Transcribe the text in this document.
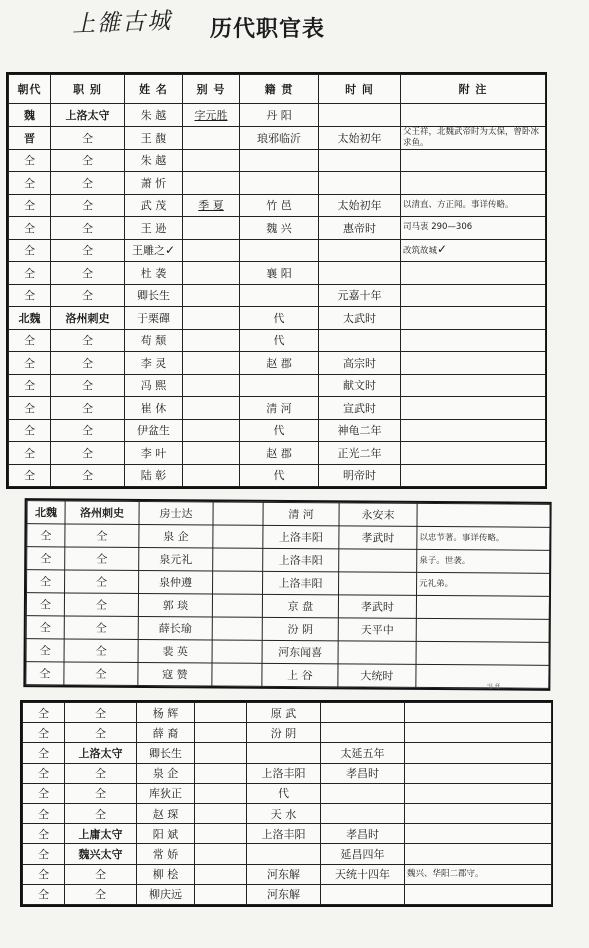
上雒古城 历代职官表
朝代	职 别	姓 名	别 号	籍 贯	时 间	附 注
魏	上洛太守	朱 越	字元胜	丹 阳		
晋	仝	王 馥		琅邪临沂	太始初年	父王祥，北魏武帝时为太保，曾卧冰求鱼。
仝	仝	朱 越				
仝	仝	萧 忻				
仝	仝	武 茂	季 夏	竹 邑	太始初年	以清直、方正闻。事详传略。
仝	仝	王 逊		魏 兴	惠帝时	司马衷 290—306
仝	仝	王雕之✓				改筑故城✓
仝	仝	杜 袭		襄 阳		
仝	仝	卿长生			元嘉十年	
北魏	洛州刺史	于栗磾		代	太武时	
仝	仝	苟 颓		代		
仝	仝	李 灵		赵 郡	高宗时	
仝	仝	冯 熙			献文时	
仝	仝	崔 休		清 河	宣武时	
仝	仝	伊盆生		代	神龟二年	
仝	仝	李 叶		赵 郡	正光二年	
仝	仝	陆 彰		代	明帝时	
北魏	洛州刺史	房士达		清 河	永安末	
仝	仝	泉 企		上洛丰阳	孝武时	以忠节著。事详传略。
仝	仝	泉元礼		上洛丰阳		泉子。世袭。
仝	仝	泉仲遵		上洛丰阳		元礼弟。
仝	仝	郭 琰		京 盘	孝武时	
仝	仝	薛长瑜		汾 阴	天平中	
仝	仝	裴 英		河东闻喜		
仝	仝	寇 赞		上 谷	大统时	
'll ff
仝	仝	杨 辉		原 武		
仝	仝	薛 裔		汾 阴		
仝	上洛太守	卿长生			太延五年	
仝	仝	泉 企		上洛丰阳	孝昌时	
仝	仝	库狄正		代		
仝	仝	赵 琛		天 水		
仝	上庸太守	阳 斌		上洛丰阳	孝昌时	
仝	魏兴太守	常 娇			延昌四年	
仝	仝	柳 桧		河东解	天统十四年	魏兴、华阳二郡守。
仝	仝	柳庆远		河东解		
